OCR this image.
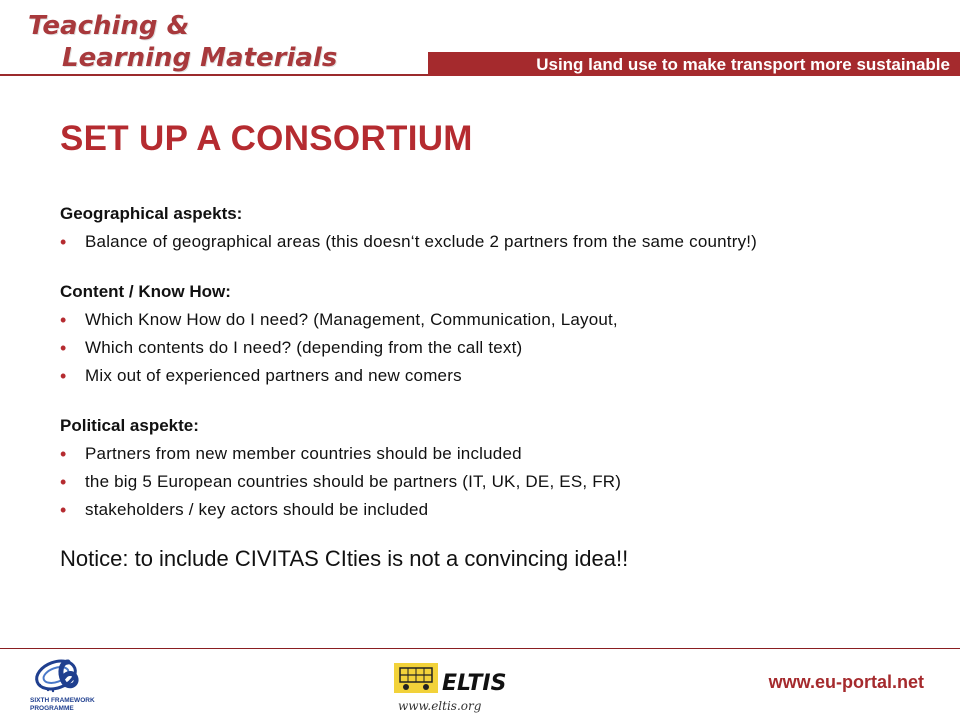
Teaching &
Learning Materials	Using land use to make transport more sustainable
SET UP A CONSORTIUM

Geographical aspekts:

• Balance of geographical areas (this doesn‘t exclude 2 partners from the same country!)

Content / Know How:

• Which Know How do I need? (Management, Communication, Layout,
• Which contents do I need? (depending from the call text)
• Mix out of experienced partners and new comers

Political aspekte:

• Partners from new member countries should be included
• the big 5 European countries should be partners (IT, UK, DE, ES, FR)
• stakeholders / key actors should be included

Notice: to include CIVITAS CIties is not a convincing idea!!

SIXTH FRAMEWORK
PROGRAMME
ELTIS
www.eltis.org
www.eu-portal.net
